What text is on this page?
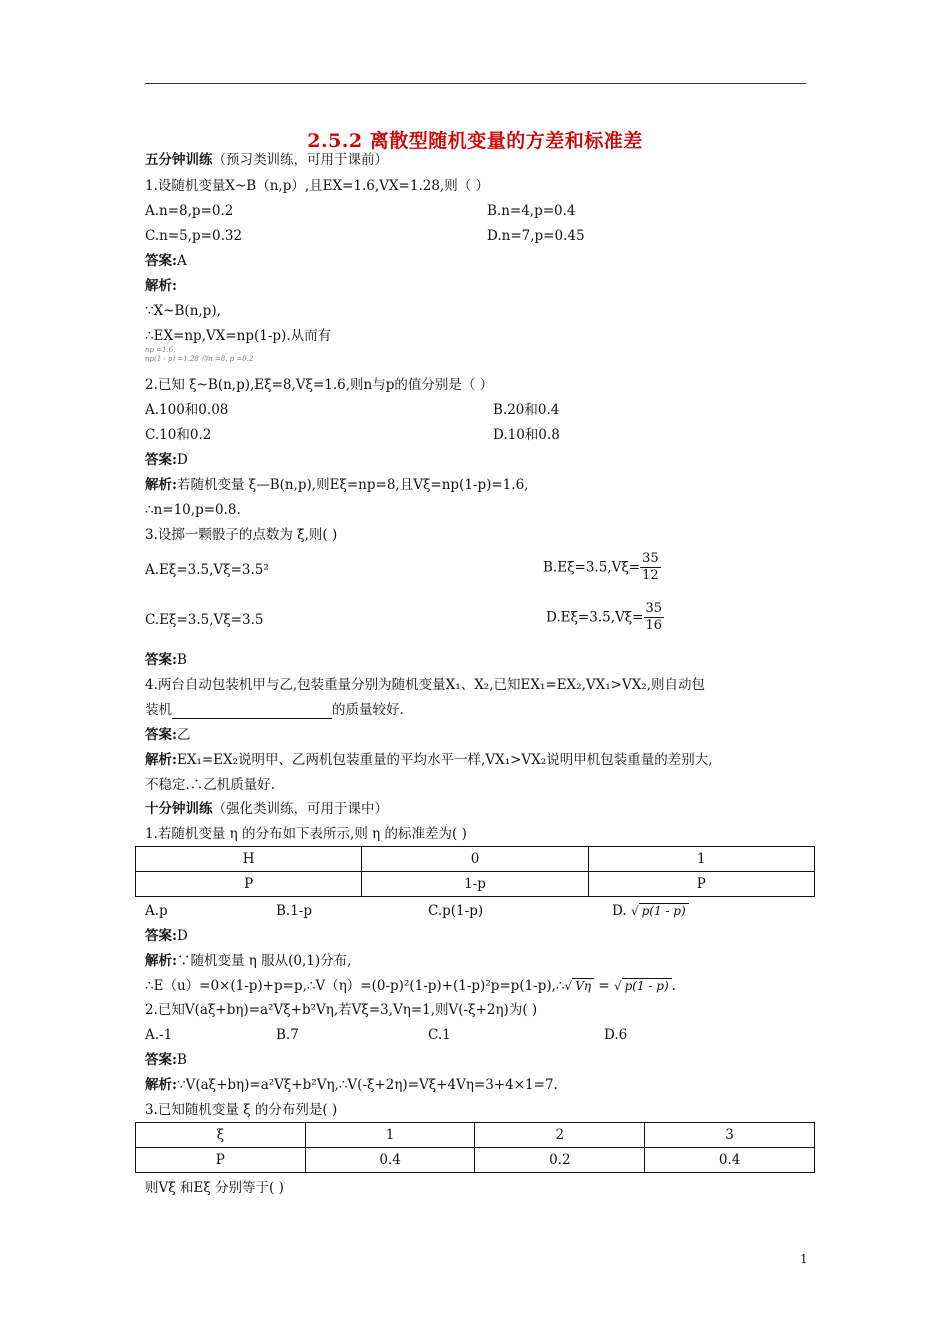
2.5.2 离散型随机变量的方差和标准差
五分钟训练（预习类训练，可用于课前）
1.设随机变量X~B（n,p）,且EX=1.6,VX=1.28,则（ ）
A.n=8,p=0.2	B.n=4,p=0.4
C.n=5,p=0.32	D.n=7,p=0.45
答案:A
解析:
∵X~B(n,p),
∴EX=np,VX=np(1-p).从而有
np =1.6,
np(1 - p) =1.28 得n =8, p =0.2
2.已知 ξ~B(n,p),Eξ=8,Vξ=1.6,则n与p的值分别是（ ）
A.100和0.08	B.20和0.4
C.10和0.2	D.10和0.8
答案:D
解析:若随机变量 ξ—B(n,p),则Eξ=np=8,且Vξ=np(1-p)=1.6,
∴n=10,p=0.8.
3.设掷一颗骰子的点数为 ξ,则( )
A.Eξ=3.5,Vξ=3.5²	$B.E\xi=3.5,V\xi= \frac{35}{12}$
C.Eξ=3.5,Vξ=3.5	$D.E\xi=3.5,V\xi= \frac{35}{16}$
答案:B
4.两台自动包装机甲与乙,包装重量分别为随机变量X₁、X₂,已知EX₁=EX₂,VX₁>VX₂,则自动包
装机	的质量较好.
答案:乙
解析:EX₁=EX₂说明甲、乙两机包装重量的平均水平一样,VX₁>VX₂说明甲机包装重量的差别大,
不稳定.∴乙机质量好.
十分钟训练（强化类训练，可用于课中）
1.若随机变量 η 的分布如下表所示,则 η 的标准差为( )
Η	0	1
P	1-p	P
A.p	B.1-p	C.p(1-p)	D. √ p(1 - p)
答案:D
解析:∵随机变量 η 服从(0,1)分布,
∴E（u）=0×(1-p)+p=p,∴V（η）=(0-p)²(1-p)+(1-p)²p=p(1-p),∴√ Vη = √ p(1 - p) .
2.已知V(aξ+bη)=a²Vξ+b²Vη,若Vξ=3,Vη=1,则V(-ξ+2η)为( )
A.-1	B.7	C.1	D.6
答案:B
解析:∵V(aξ+bη)=a²Vξ+b²Vη,∴V(-ξ+2η)=Vξ+4Vη=3+4×1=7.
3.已知随机变量 ξ 的分布列是( )
ξ	1	2	3
P	0.4	0.2	0.4
则Vξ 和Eξ 分别等于( )
1
